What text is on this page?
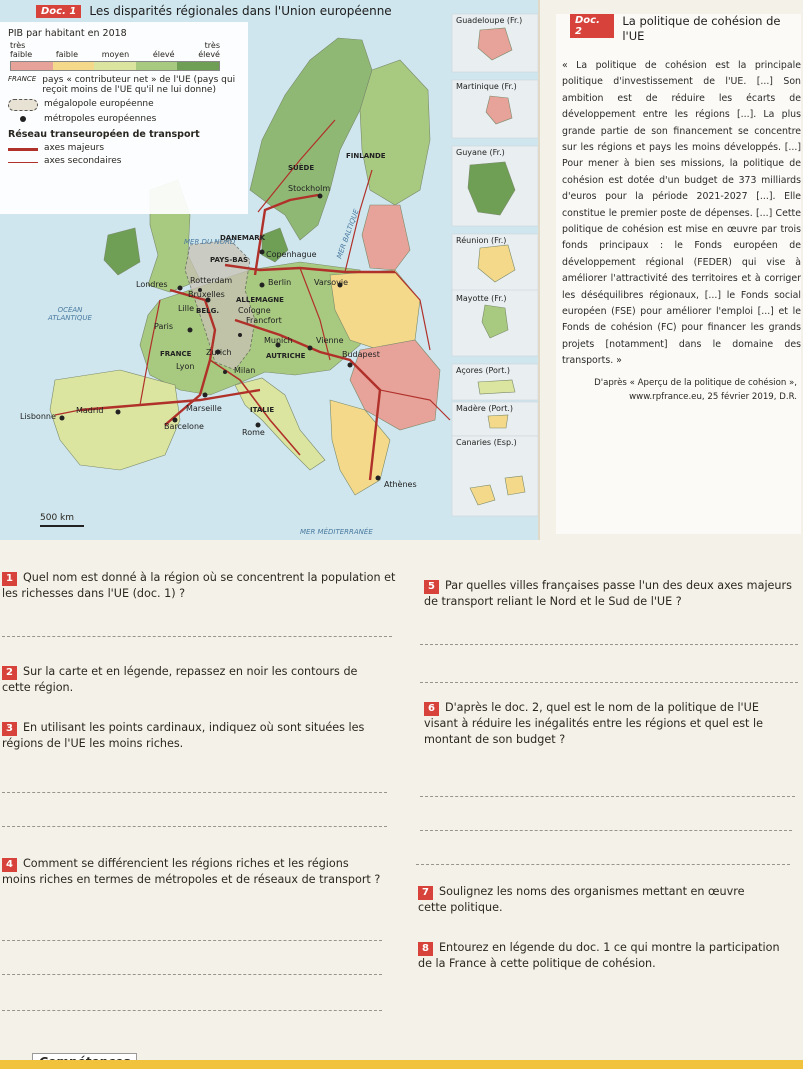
Doc. 1	Les disparités régionales dans l'Union européenne
PIB par habitant en 2018
très	très
faible	faible	moyen	élevé	élevé
FRANCE pays « contributeur net » de l'UE (pays qui reçoit moins de l'UE qu'il ne lui donne)
mégalopole européenne
métropoles européennes
Réseau transeuropéen de transport
axes majeurs
axes secondaires
FINLANDE
SUÈDE
Stockholm
MER BALTIQUE
MER DU NORD
DANEMARK
Copenhague
PAYS-BAS
Rotterdam
Londres
Bruxelles
Lille BELG.
Berlin	Varsovie
ALLEMAGNE
Cologne
Francfort
OCÉAN ATLANTIQUE
Paris
Munich	Vienne
FRANCE Zurich	AUTRICHE	Budapest
Lyon	Milan
Lisbonne
Madrid	Marseille	ITALIE
Barcelone
Rome
Athènes
MER MÉDITERRANÉE
Guadeloupe (Fr.)
Martinique (Fr.)
Guyane (Fr.)
Réunion (Fr.)
Mayotte (Fr.)
Açores (Port.)
Madère (Port.)
Canaries (Esp.)
500 km
Doc. 2
La politique de cohésion de l'UE

« La politique de cohésion est la principale politique d'investissement de l'UE. [...] Son ambition est de réduire les écarts de développement entre les régions [...]. La plus grande partie de son financement se concentre sur les régions et pays les moins développés. [...] Pour mener à bien ses missions, la politique de cohésion est dotée d'un budget de 373 milliards d'euros pour la période 2021-2027 [...]. Elle constitue le premier poste de dépenses. [...] Cette politique de cohésion est mise en œuvre par trois fonds principaux : le Fonds européen de développement régional (FEDER) qui vise à améliorer l'attractivité des territoires et à corriger les déséquilibres régionaux, [...] le Fonds social européen (FSE) pour améliorer l'emploi [...] et le Fonds de cohésion (FC) pour financer les grands projets [notamment] dans le domaine des transports. »

D'après « Aperçu de la politique de cohésion »,
www.rpfrance.eu, 25 février 2019, D.R.
1 Quel nom est donné à la région où se concentrent la population et les richesses dans l'UE (doc. 1) ?
2 Sur la carte et en légende, repassez en noir les contours de cette région.
3 En utilisant les points cardinaux, indiquez où sont situées les régions de l'UE les moins riches.
4 Comment se différencient les régions riches et les régions moins riches en termes de métropoles et de réseaux de transport ?
5 Par quelles villes françaises passe l'un des deux axes majeurs de transport reliant le Nord et le Sud de l'UE ?
6 D'après le doc. 2, quel est le nom de la politique de l'UE visant à réduire les inégalités entre les régions et quel est le montant de son budget ?
7 Soulignez les noms des organismes mettant en œuvre cette politique.
8 Entourez en légende du doc. 1 ce qui montre la participation de la France à cette politique de cohésion.
